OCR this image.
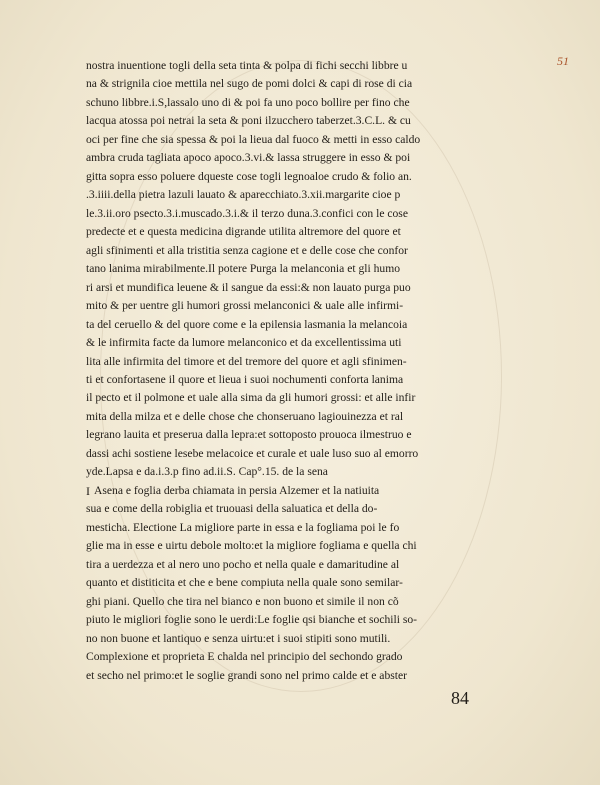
51
nostra inuentione togli della seta tinta & polpa di fichi secchi libbre u
na & strignila cioe mettila nel sugo de pomi dolci & capi di rose di cia
schuno libbre.i.S,lassalo uno di & poi fa uno poco bollire per fino che
lacqua atossa poi netrai la seta & poni ilzucchero taberzet.3.C.L. & cu
oci per fine che sia spessa & poi la lieua dal fuoco & metti in esso caldo
ambra cruda tagliata apoco apoco.3.vi.& lassa struggere in esso & poi
gitta sopra esso poluere dqueste cose togli legnoaloe crudo & folio an.
.3.iiii.della pietra lazuli lauato & aparecchiato.3.xii.margarite cioe p
le.3.ii.oro psecto.3.i.muscado.3.i.& il terzo duna.3.confici con le cose
predecte et e questa medicina digrande utilita altremore del quore et
agli sfinimenti et alla tristitia senza cagione et e delle cose che confor
tano lanima mirabilmente.Il potere Purga la melanconia et gli humo
ri arsi et mundifica leuene & il sangue da essi:& non lauato purga puo
mito & per uentre gli humori grossi melanconici & uale alle infirmi-
ta del ceruello & del quore come e la epilensia lasmania la melancoia
& le infirmita facte da lumore melanconico et da excellentissima uti
lita alle infirmita del timore et del tremore del quore et agli sfinimen-
ti et confortasene il quore et lieua i suoi nochumenti conforta lanima
il pecto et il polmone et uale alla sima da gli humori grossi: et alle infir
mita della milza et e delle chose che chonseruano lagiouinezza et ral
legrano lauita et preserua dalla lepra:et sottoposto prouoca ilmestruo e
dassi achi sostiene lesebe melacoice et curale et uale luso suo al emorro
yde.Lapsa e da.i.3.p fino ad.ii.S. Cap°.15. de la sena
Asena e foglia derba chiamata in persia Alzemer et la natiuita
sua e come della robiglia et truouasi della saluatica et della do-
mesticha. Electione La migliore parte in essa e la fogliama poi le fo
glie ma in esse e uirtu debole molto:et la migliore fogliama e quella chi
tira a uerdezza et al nero uno pocho et nella quale e damaritudine al
quanto et distiticita et che e bene compiuta nella quale sono semilar-
ghi piani. Quello che tira nel bianco e non buono et simile il non cõ
piuto le migliori foglie sono le uerdi:Le foglie qsi bianche et sochili so-
no non buone et lantiquo e senza uirtu:et i suoi stipiti sono mutili.
Complexione et proprieta E chalda nel principio del sechondo grado
et secho nel primo:et le soglie grandi sono nel primo calde et e abster
I
84
